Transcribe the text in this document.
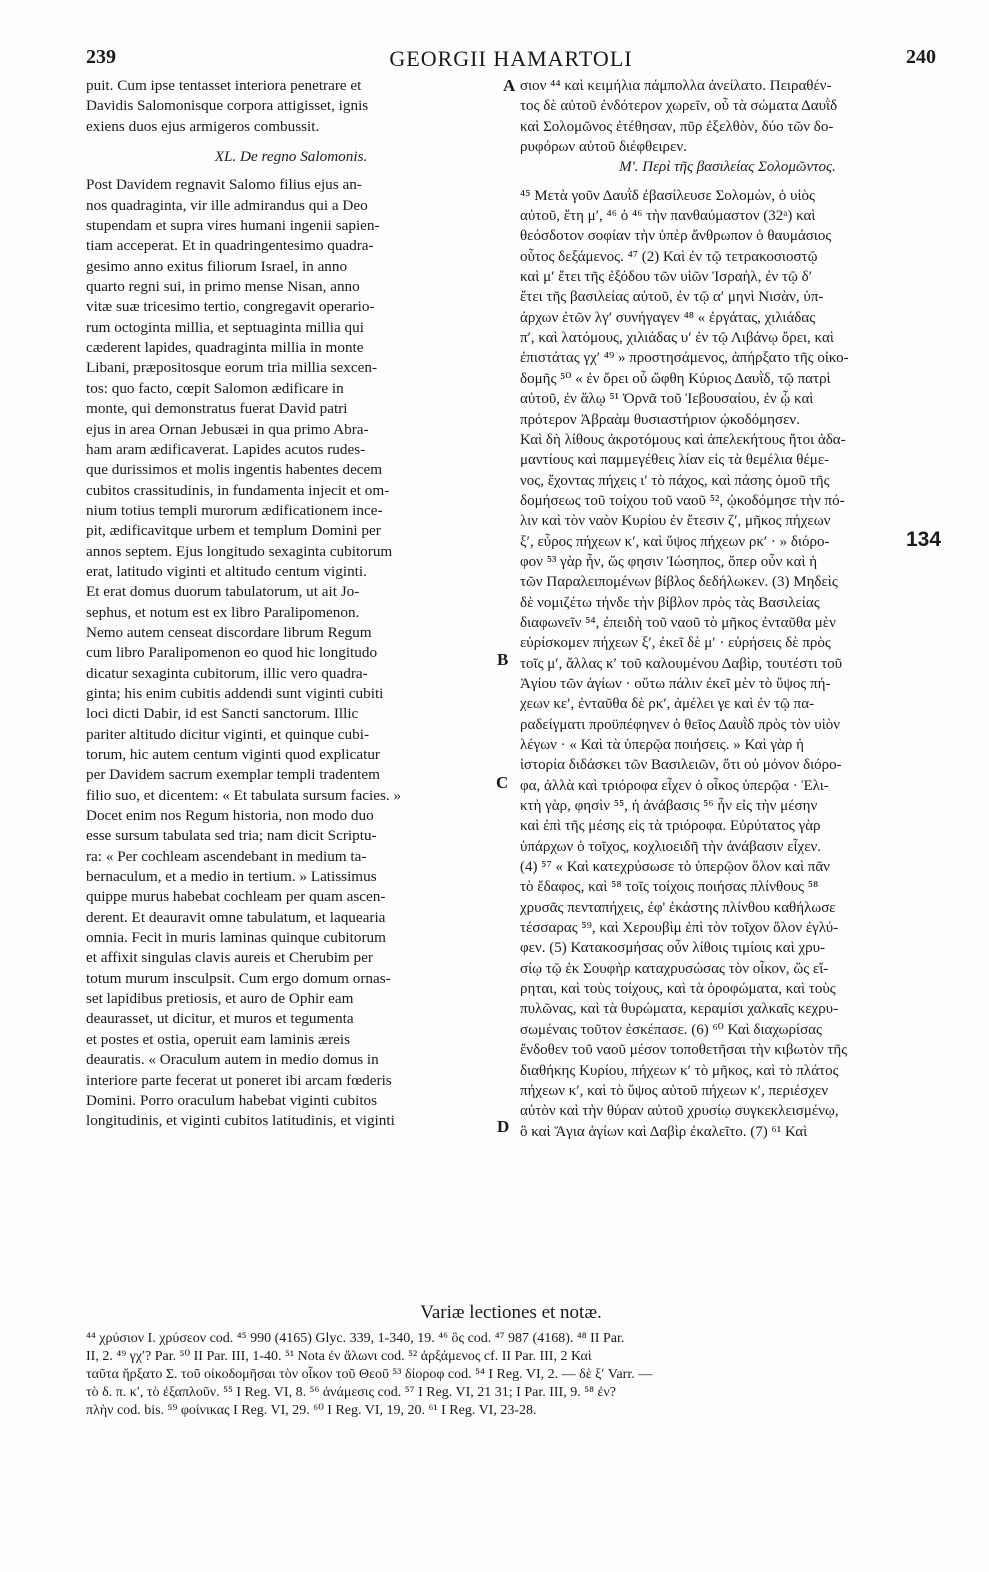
239	GEORGII HAMARTOLI	240
A
B
C
D
134
puit. Cum ipse tentasset interiora penetrare et
Davidis Salomonisque corpora attigisset, ignis
exiens duos ejus armigeros combussit.
XL. De regno Salomonis.
Post Davidem regnavit Salomo filius ejus an-
nos quadraginta, vir ille admirandus qui a Deo
stupendam et supra vires humani ingenii sapien-
tiam acceperat. Et in quadringentesimo quadra-
gesimo anno exitus filiorum Israel, in anno
quarto regni sui, in primo mense Nisan, anno
vitæ suæ tricesimo tertio, congregavit operario-
rum octoginta millia, et septuaginta millia qui
cæderent lapides, quadraginta millia in monte
Libani, præpositosque eorum tria millia sexcen-
tos: quo facto, cœpit Salomon ædificare in
monte, qui demonstratus fuerat David patri
ejus in area Ornan Jebusæi in qua primo Abra-
ham aram ædificaverat. Lapides acutos rudes-
que durissimos et molis ingentis habentes decem
cubitos crassitudinis, in fundamenta injecit et om-
nium totius templi murorum ædificationem ince-
pit, ædificavitque urbem et templum Domini per
annos septem. Ejus longitudo sexaginta cubitorum
erat, latitudo viginti et altitudo centum viginti.
Et erat domus duorum tabulatorum, ut ait Jo-
sephus, et notum est ex libro Paralipomenon.
Nemo autem censeat discordare librum Regum
cum libro Paralipomenon eo quod hic longitudo
dicatur sexaginta cubitorum, illic vero quadra-
ginta; his enim cubitis addendi sunt viginti cubiti
loci dicti Dabir, id est Sancti sanctorum. Illic
pariter altitudo dicitur viginti, et quinque cubi-
torum, hic autem centum viginti quod explicatur
per Davidem sacrum exemplar templi tradentem
filio suo, et dicentem: « Et tabulata sursum facies. »
Docet enim nos Regum historia, non modo duo
esse sursum tabulata sed tria; nam dicit Scriptu-
ra: « Per cochleam ascendebant in medium ta-
bernaculum, et a medio in tertium. » Latissimus
quippe murus habebat cochleam per quam ascen-
derent. Et deauravit omne tabulatum, et laquearia
omnia. Fecit in muris laminas quinque cubitorum
et affixit singulas clavis aureis et Cherubim per
totum murum insculpsit. Cum ergo domum ornas-
set lapidibus pretiosis, et auro de Ophir eam
deaurasset, ut dicitur, et muros et tegumenta
et postes et ostia, operuit eam laminis æreis
deauratis. « Oraculum autem in medio domus in
interiore parte fecerat ut poneret ibi arcam fœderis
Domini. Porro oraculum habebat viginti cubitos
longitudinis, et viginti cubitos latitudinis, et viginti
σιον ⁴⁴ καὶ κειμήλια πάμπολλα ἀνείλατο. Πειραθέν-
τος δὲ αὐτοῦ ἐνδότερον χωρεῖν, οὗ τὰ σώματα Δαυῒδ
καὶ Σολομῶνος ἐτέθησαν, πῦρ ἐξελθὸν, δύο τῶν δο-
ρυφόρων αὐτοῦ διέφθειρεν.
Μʹ. Περὶ τῆς βασιλείας Σολομῶντος.
⁴⁵ Μετὰ γοῦν Δαυῒδ ἐβασίλευσε Σολομὼν, ὁ υἱὸς
αὐτοῦ, ἔτη μʹ, ⁴⁶ ὁ ⁴⁶ τὴν πανθαύμαστον (32ᵃ) καὶ
θεόσδοτον σοφίαν τὴν ὑπὲρ ἄνθρωπον ὁ θαυμάσιος
οὗτος δεξάμενος. ⁴⁷ (2) Καὶ ἐν τῷ τετρακοσιοστῷ
καὶ μʹ ἔτει τῆς ἐξόδου τῶν υἱῶν Ἰσραὴλ, ἐν τῷ δʹ
ἔτει τῆς βασιλείας αὐτοῦ, ἐν τῷ αʹ μηνὶ Νισὰν, ὑπ-
άρχων ἐτῶν λγʹ συνήγαγεν ⁴⁸ « ἐργάτας, χιλιάδας
πʹ, καὶ λατόμους, χιλιάδας υʹ ἐν τῷ Λιβάνῳ ὄρει, καὶ
ἐπιστάτας γχʹ ⁴⁹ » προστησάμενος, ἀπήρξατο τῆς οἰκο-
δομῆς ⁵⁰ « ἐν ὄρει οὗ ὤφθη Κύριος Δαυῒδ, τῷ πατρὶ
αὐτοῦ, ἐν ἅλῳ ⁵¹ Ὀρνᾶ τοῦ Ἰεβουσαίου, ἐν ᾧ καὶ
πρότερον Ἀβραὰμ θυσιαστήριον ᾠκοδόμησεν.
Καὶ δὴ λίθους ἀκροτόμους καὶ ἀπελεκήτους ἤτοι ἀδα-
μαντίους καὶ παμμεγέθεις λίαν εἰς τὰ θεμέλια θέμε-
νος, ἔχοντας πήχεις ιʹ τὸ πάχος, καὶ πάσης ὁμοῦ τῆς
δομήσεως τοῦ τοίχου τοῦ ναοῦ ⁵², ᾠκοδόμησε τὴν πό-
λιν καὶ τὸν ναὸν Κυρίου ἐν ἔτεσιν ζʹ, μῆκος πήχεων
ξʹ, εὖρος πήχεων κʹ, καὶ ὕψος πήχεων ρκʹ · » διόρο-
φον ⁵³ γὰρ ἦν, ὥς φησιν Ἰώσηπος, ὅπερ οὖν καὶ ἡ
τῶν Παραλειπομένων βίβλος δεδήλωκεν. (3) Μηδεὶς
δὲ νομιζέτω τήνδε τὴν βίβλον πρὸς τὰς Βασιλείας
διαφωνεῖν ⁵⁴, ἐπειδὴ τοῦ ναοῦ τὸ μῆκος ἐνταῦθα μὲν
εὑρίσκομεν πήχεων ξʹ, ἐκεῖ δὲ μʹ · εὑρήσεις δὲ πρὸς
τοῖς μʹ, ἄλλας κʹ τοῦ καλουμένου Δαβὶρ, τουτέστι τοῦ
Ἁγίου τῶν ἁγίων · οὕτω πάλιν ἐκεῖ μὲν τὸ ὕψος πή-
χεων κεʹ, ἐνταῦθα δὲ ρκʹ, ἀμέλει γε καὶ ἐν τῷ πα-
ραδείγματι προϋπέφηνεν ὁ θεῖος Δαυῒδ πρὸς τὸν υἱὸν
λέγων · « Καὶ τὰ ὑπερῷα ποιήσεις. » Καὶ γὰρ ἡ
ἱστορία διδάσκει τῶν Βασιλειῶν, ὅτι οὐ μόνον διόρο-
φα, ἀλλὰ καὶ τριόροφα εἶχεν ὁ οἶκος ὑπερῷα · Ἑλι-
κτὴ γὰρ, φησὶν ⁵⁵, ἡ ἀνάβασις ⁵⁶ ἦν εἰς τὴν μέσην
καὶ ἐπὶ τῆς μέσης εἰς τὰ τριόροφα. Εὐρύτατος γὰρ
ὑπάρχων ὁ τοῖχος, κοχλιοειδῆ τὴν ἀνάβασιν εἶχεν.
(4) ⁵⁷ « Καὶ κατεχρύσωσε τὸ ὑπερῷον ὅλον καὶ πᾶν
τὸ ἔδαφος, καὶ ⁵⁸ τοῖς τοίχοις ποιήσας πλίνθους ⁵⁸
χρυσᾶς πενταπήχεις, ἐφ' ἑκάστης πλίνθου καθήλωσε
τέσσαρας ⁵⁹, καὶ Χερουβὶμ ἐπὶ τὸν τοῖχον ὅλον ἐγλύ-
φεν. (5) Κατακοσμήσας οὖν λίθοις τιμίοις καὶ χρυ-
σίῳ τῷ ἐκ Σουφὴρ καταχρυσώσας τὸν οἶκον, ὥς εἴ-
ρηται, καὶ τοὺς τοίχους, καὶ τὰ ὀροφώματα, καὶ τοὺς
πυλῶνας, καὶ τὰ θυρώματα, κεραμίσι χαλκαῖς κεχρυ-
σωμέναις τοῦτον ἐσκέπασε. (6) ⁶⁰ Καὶ διαχωρίσας
ἔνδοθεν τοῦ ναοῦ μέσον τοποθετῆσαι τὴν κιβωτὸν τῆς
διαθήκης Κυρίου, πήχεων κʹ τὸ μῆκος, καὶ τὸ πλάτος
πήχεων κʹ, καὶ τὸ ὕψος αὐτοῦ πήχεων κʹ, περιέσχεν
αὐτὸν καὶ τὴν θύραν αὐτοῦ χρυσίῳ συγκεκλεισμένῳ,
ὃ καὶ Ἅγια ἁγίων καὶ Δαβὶρ ἐκαλεῖτο. (7) ⁶¹ Καὶ
Variæ lectiones et notæ.
⁴⁴ χρύσιον I. χρύσεον cod. ⁴⁵ 990 (4165) Glyc. 339, 1-340, 19. ⁴⁶ ὃς cod. ⁴⁷ 987 (4168). ⁴⁸ II Par.
II, 2. ⁴⁹ γχʹ? Par. ⁵⁰ II Par. III, 1-40. ⁵¹ Nota ἐν ἅλωνι cod. ⁵² ἀρξάμενος cf. II Par. III, 2 Καὶ
ταῦτα ἤρξατο Σ. τοῦ οἰκοδομῆσαι τὸν οἶκον τοῦ Θεοῦ ⁵³ δίοροφ cod. ⁵⁴ I Reg. VI, 2. — δὲ ξʹ Varr. —
τὸ δ. π. κʹ, τὸ ἐξαπλοῦν. ⁵⁵ I Reg. VI, 8. ⁵⁶ ἀνάμεσις cod. ⁵⁷ I Reg. VI, 21 31; I Par. III, 9. ⁵⁸ ἐν?
πλὴν cod. bis. ⁵⁹ φοίνικας I Reg. VI, 29. ⁶⁰ I Reg. VI, 19, 20. ⁶¹ I Reg. VI, 23-28.
